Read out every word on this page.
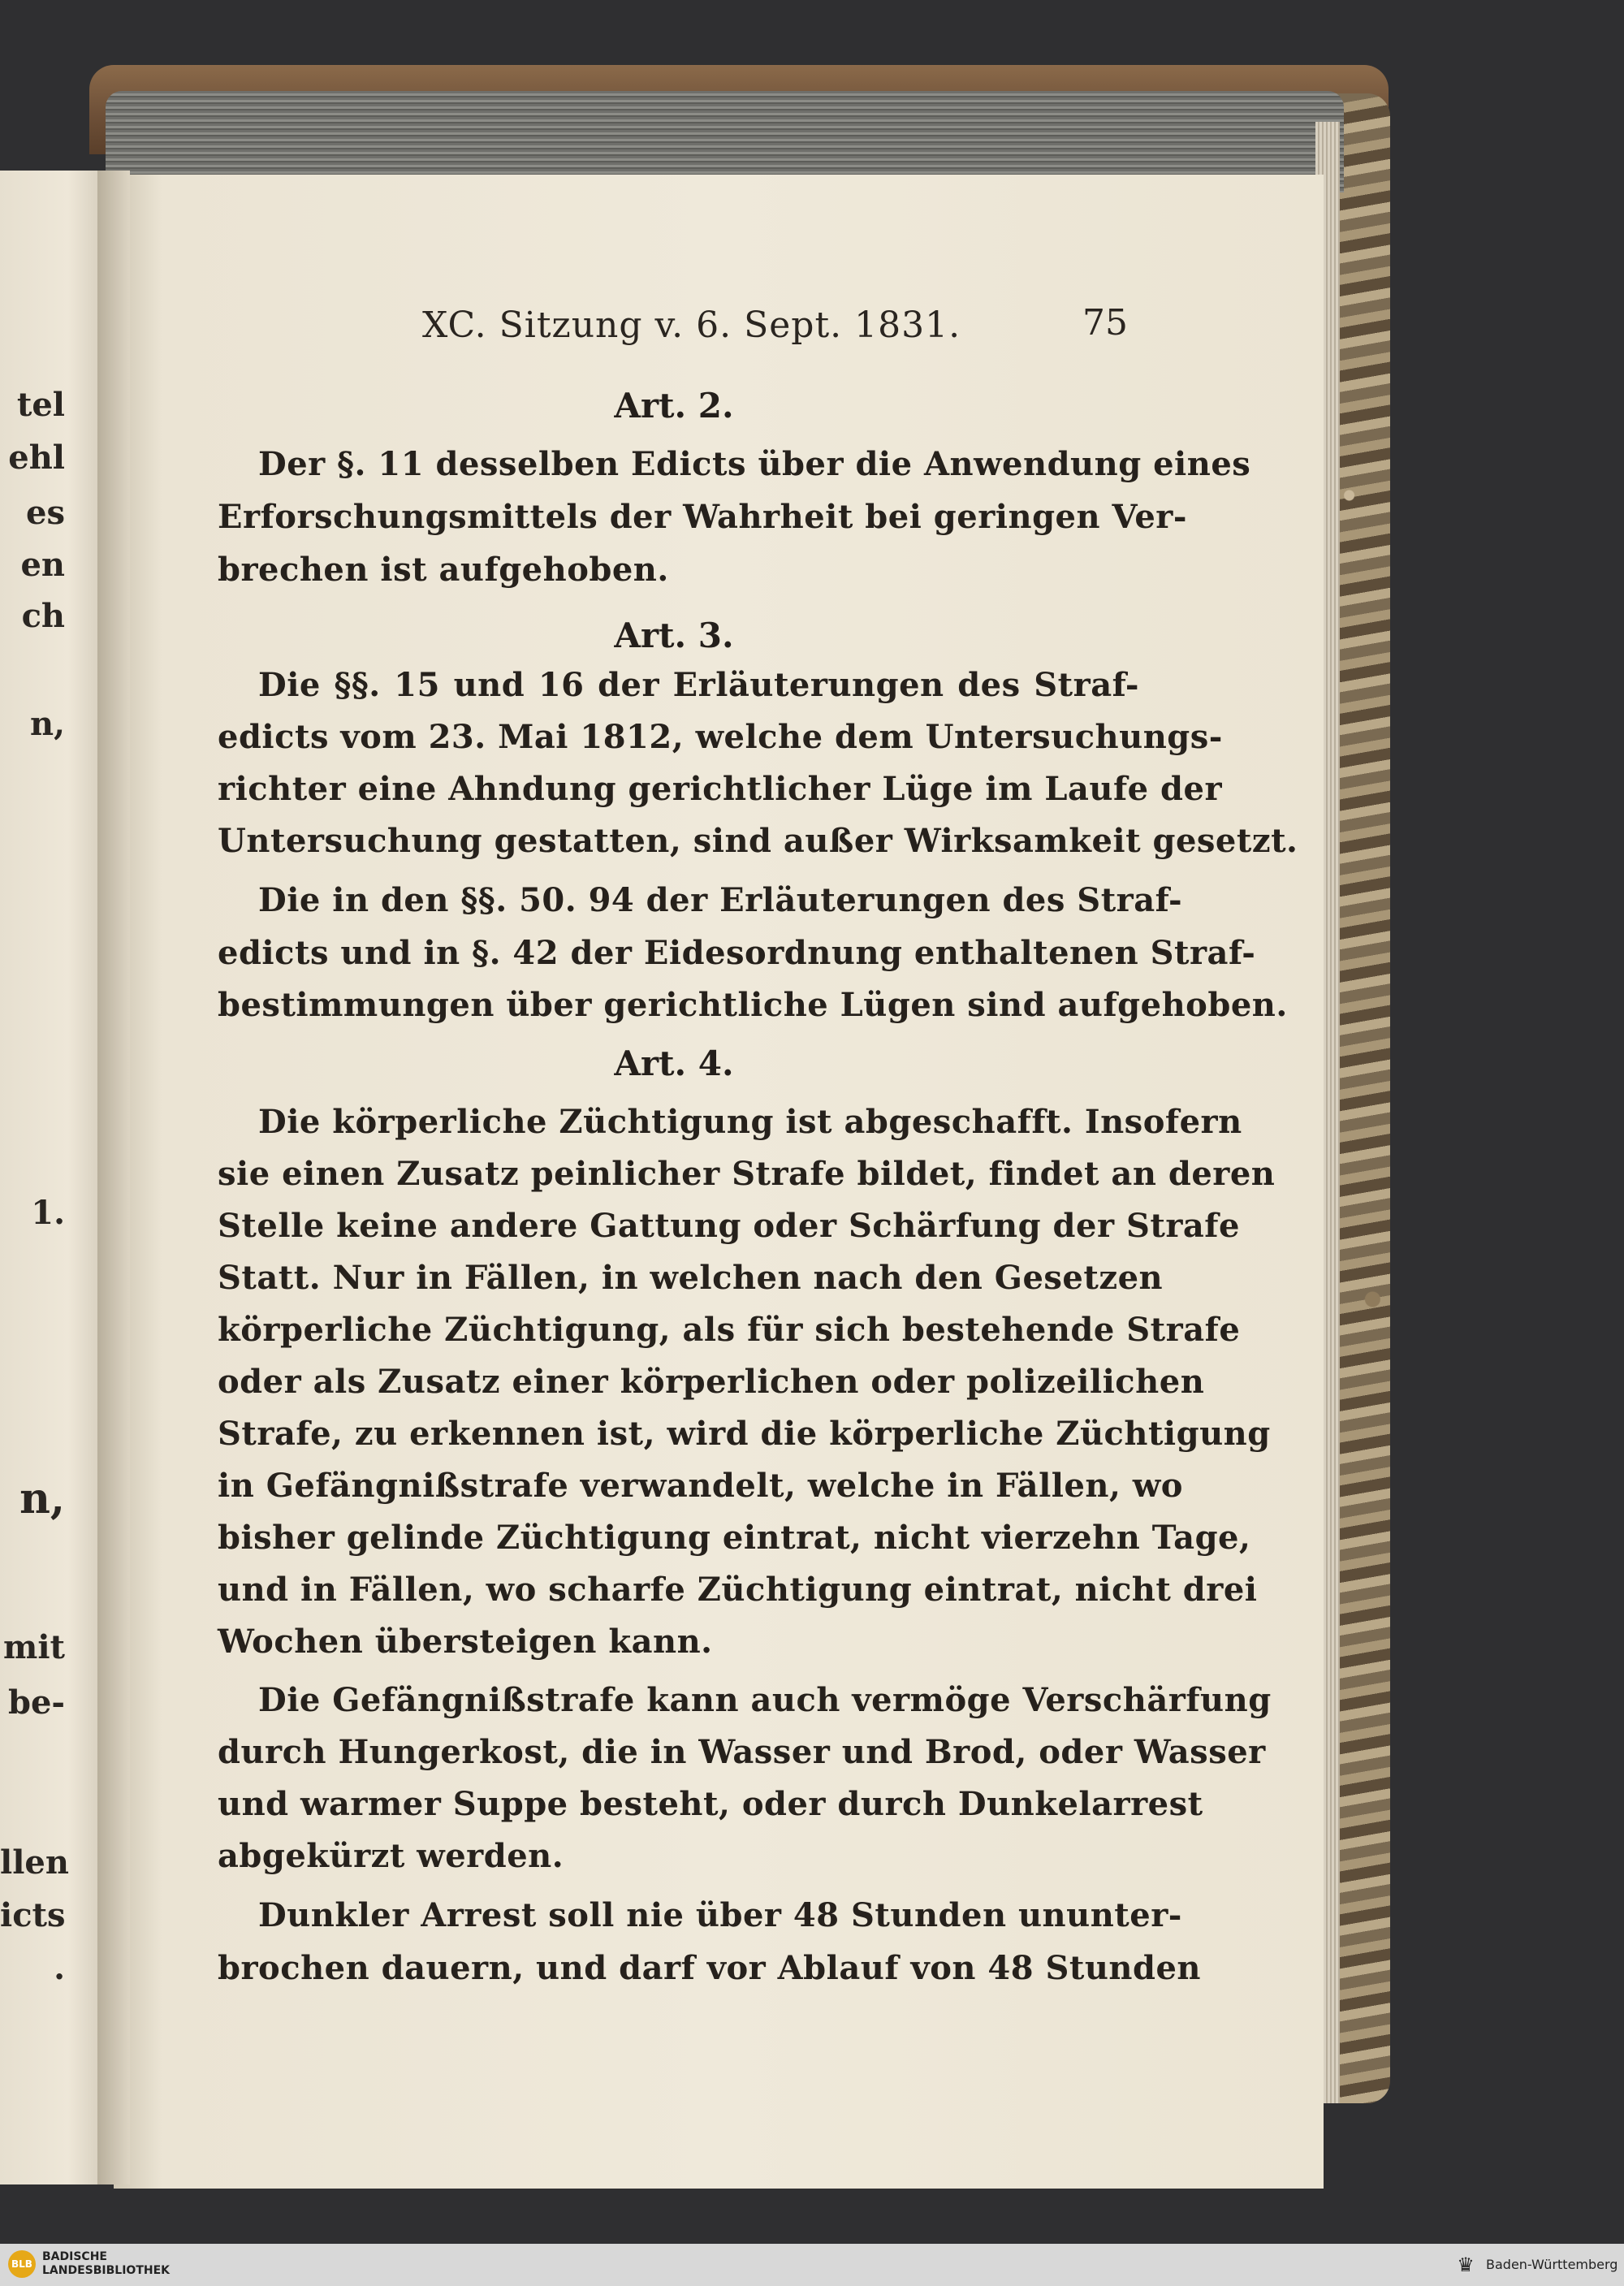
tel
ehl
es
en
ch
n,
1.
n,
mit
be-
llen
icts
.
XC. Sitzung v. 6. Sept. 1831.	75
Art. 2.
Der §. 11 desselben Edicts über die Anwendung eines
Erforschungsmittels der Wahrheit bei geringen Ver-
brechen ist aufgehoben.
Art. 3.
Die §§. 15 und 16 der Erläuterungen des Straf-
edicts vom 23. Mai 1812, welche dem Untersuchungs-
richter eine Ahndung gerichtlicher Lüge im Laufe der
Untersuchung gestatten, sind außer Wirksamkeit gesetzt.
Die in den §§. 50. 94 der Erläuterungen des Straf-
edicts und in §. 42 der Eidesordnung enthaltenen Straf-
bestimmungen über gerichtliche Lügen sind aufgehoben.
Art. 4.
Die körperliche Züchtigung ist abgeschafft. Insofern
sie einen Zusatz peinlicher Strafe bildet, findet an deren
Stelle keine andere Gattung oder Schärfung der Strafe
Statt. Nur in Fällen, in welchen nach den Gesetzen
körperliche Züchtigung, als für sich bestehende Strafe
oder als Zusatz einer körperlichen oder polizeilichen
Strafe, zu erkennen ist, wird die körperliche Züchtigung
in Gefängnißstrafe verwandelt, welche in Fällen, wo
bisher gelinde Züchtigung eintrat, nicht vierzehn Tage,
und in Fällen, wo scharfe Züchtigung eintrat, nicht drei
Wochen übersteigen kann.
Die Gefängnißstrafe kann auch vermöge Verschärfung
durch Hungerkost, die in Wasser und Brod, oder Wasser
und warmer Suppe besteht, oder durch Dunkelarrest
abgekürzt werden.
Dunkler Arrest soll nie über 48 Stunden ununter-
brochen dauern, und darf vor Ablauf von 48 Stunden
BLB
BADISCHE
LANDESBIBLIOTHEK	♛ Baden-Württemberg
